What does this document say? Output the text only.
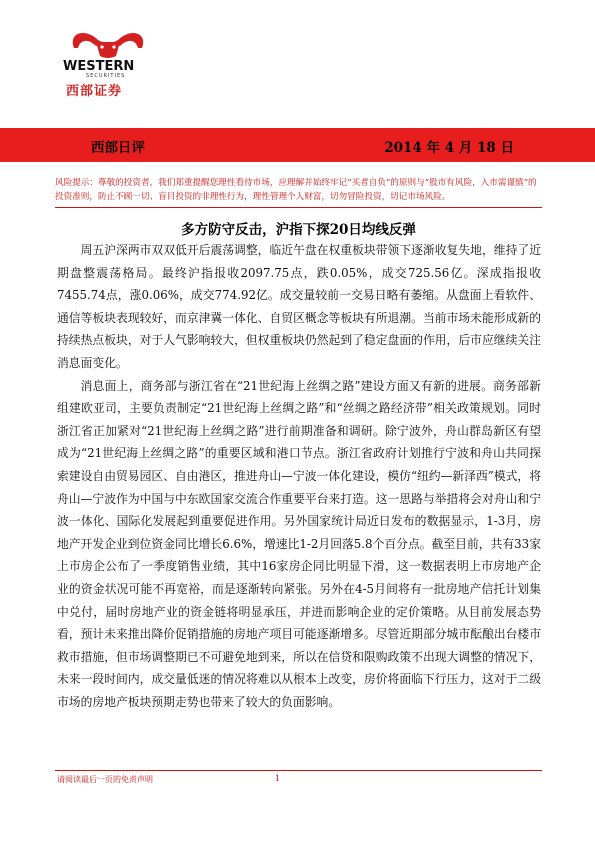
WESTERN
SECURITIES
西部证券
西部日评	2014 年 4 月 18 日
风险提示：尊敬的投资者，我们郑重提醒您理性看待市场，应理解并始终牢记“买者自负”的原则与“股市有风险，入市需谨慎”的投资准则，防止不顾一切、盲目投资的非理性行为，理性管理个人财富，切勿冒险投资，切记市场风险。
多方防守反击，沪指下探20日均线反弹

周五沪深两市双双低开后震荡调整，临近午盘在权重板块带领下逐渐收复失地，维持了近期盘整震荡格局。最终沪指报收2097.75点，跌0.05%，成交725.56亿。深成指报收7455.74点，涨0.06%，成交774.92亿。成交量较前一交易日略有萎缩。从盘面上看软件、通信等板块表现较好，而京津冀一体化、自贸区概念等板块有所退潮。当前市场未能形成新的持续热点板块，对于人气影响较大，但权重板块仍然起到了稳定盘面的作用，后市应继续关注消息面变化。

消息面上，商务部与浙江省在“21世纪海上丝绸之路”建设方面又有新的进展。商务部新组建欧亚司，主要负责制定“21世纪海上丝绸之路”和“丝绸之路经济带”相关政策规划。同时浙江省正加紧对“21世纪海上丝绸之路”进行前期准备和调研。除宁波外，舟山群岛新区有望成为“21世纪海上丝绸之路”的重要区域和港口节点。浙江省政府计划推行宁波和舟山共同探索建设自由贸易园区、自由港区，推进舟山—宁波一体化建设，模仿“纽约—新泽西”模式，将舟山—宁波作为中国与中东欧国家交流合作重要平台来打造。这一思路与举措将会对舟山和宁波一体化、国际化发展起到重要促进作用。另外国家统计局近日发布的数据显示，1-3月，房地产开发企业到位资金同比增长6.6%，增速比1-2月回落5.8个百分点。截至目前，共有33家上市房企公布了一季度销售业绩，其中16家房企同比明显下滑，这一数据表明上市房地产企业的资金状况可能不再宽裕，而是逐渐转向紧张。另外在4-5月间将有一批房地产信托计划集中兑付，届时房地产业的资金链将明显承压，并进而影响企业的定价策略。从目前发展态势看，预计未来推出降价促销措施的房地产项目可能逐渐增多。尽管近期部分城市酝酿出台楼市救市措施，但市场调整期已不可避免地到来，所以在信贷和限购政策不出现大调整的情况下，未来一段时间内，成交量低迷的情况将难以从根本上改变，房价将面临下行压力，这对于二级市场的房地产板块预期走势也带来了较大的负面影响。

请阅读最后一页的免责声明	1
